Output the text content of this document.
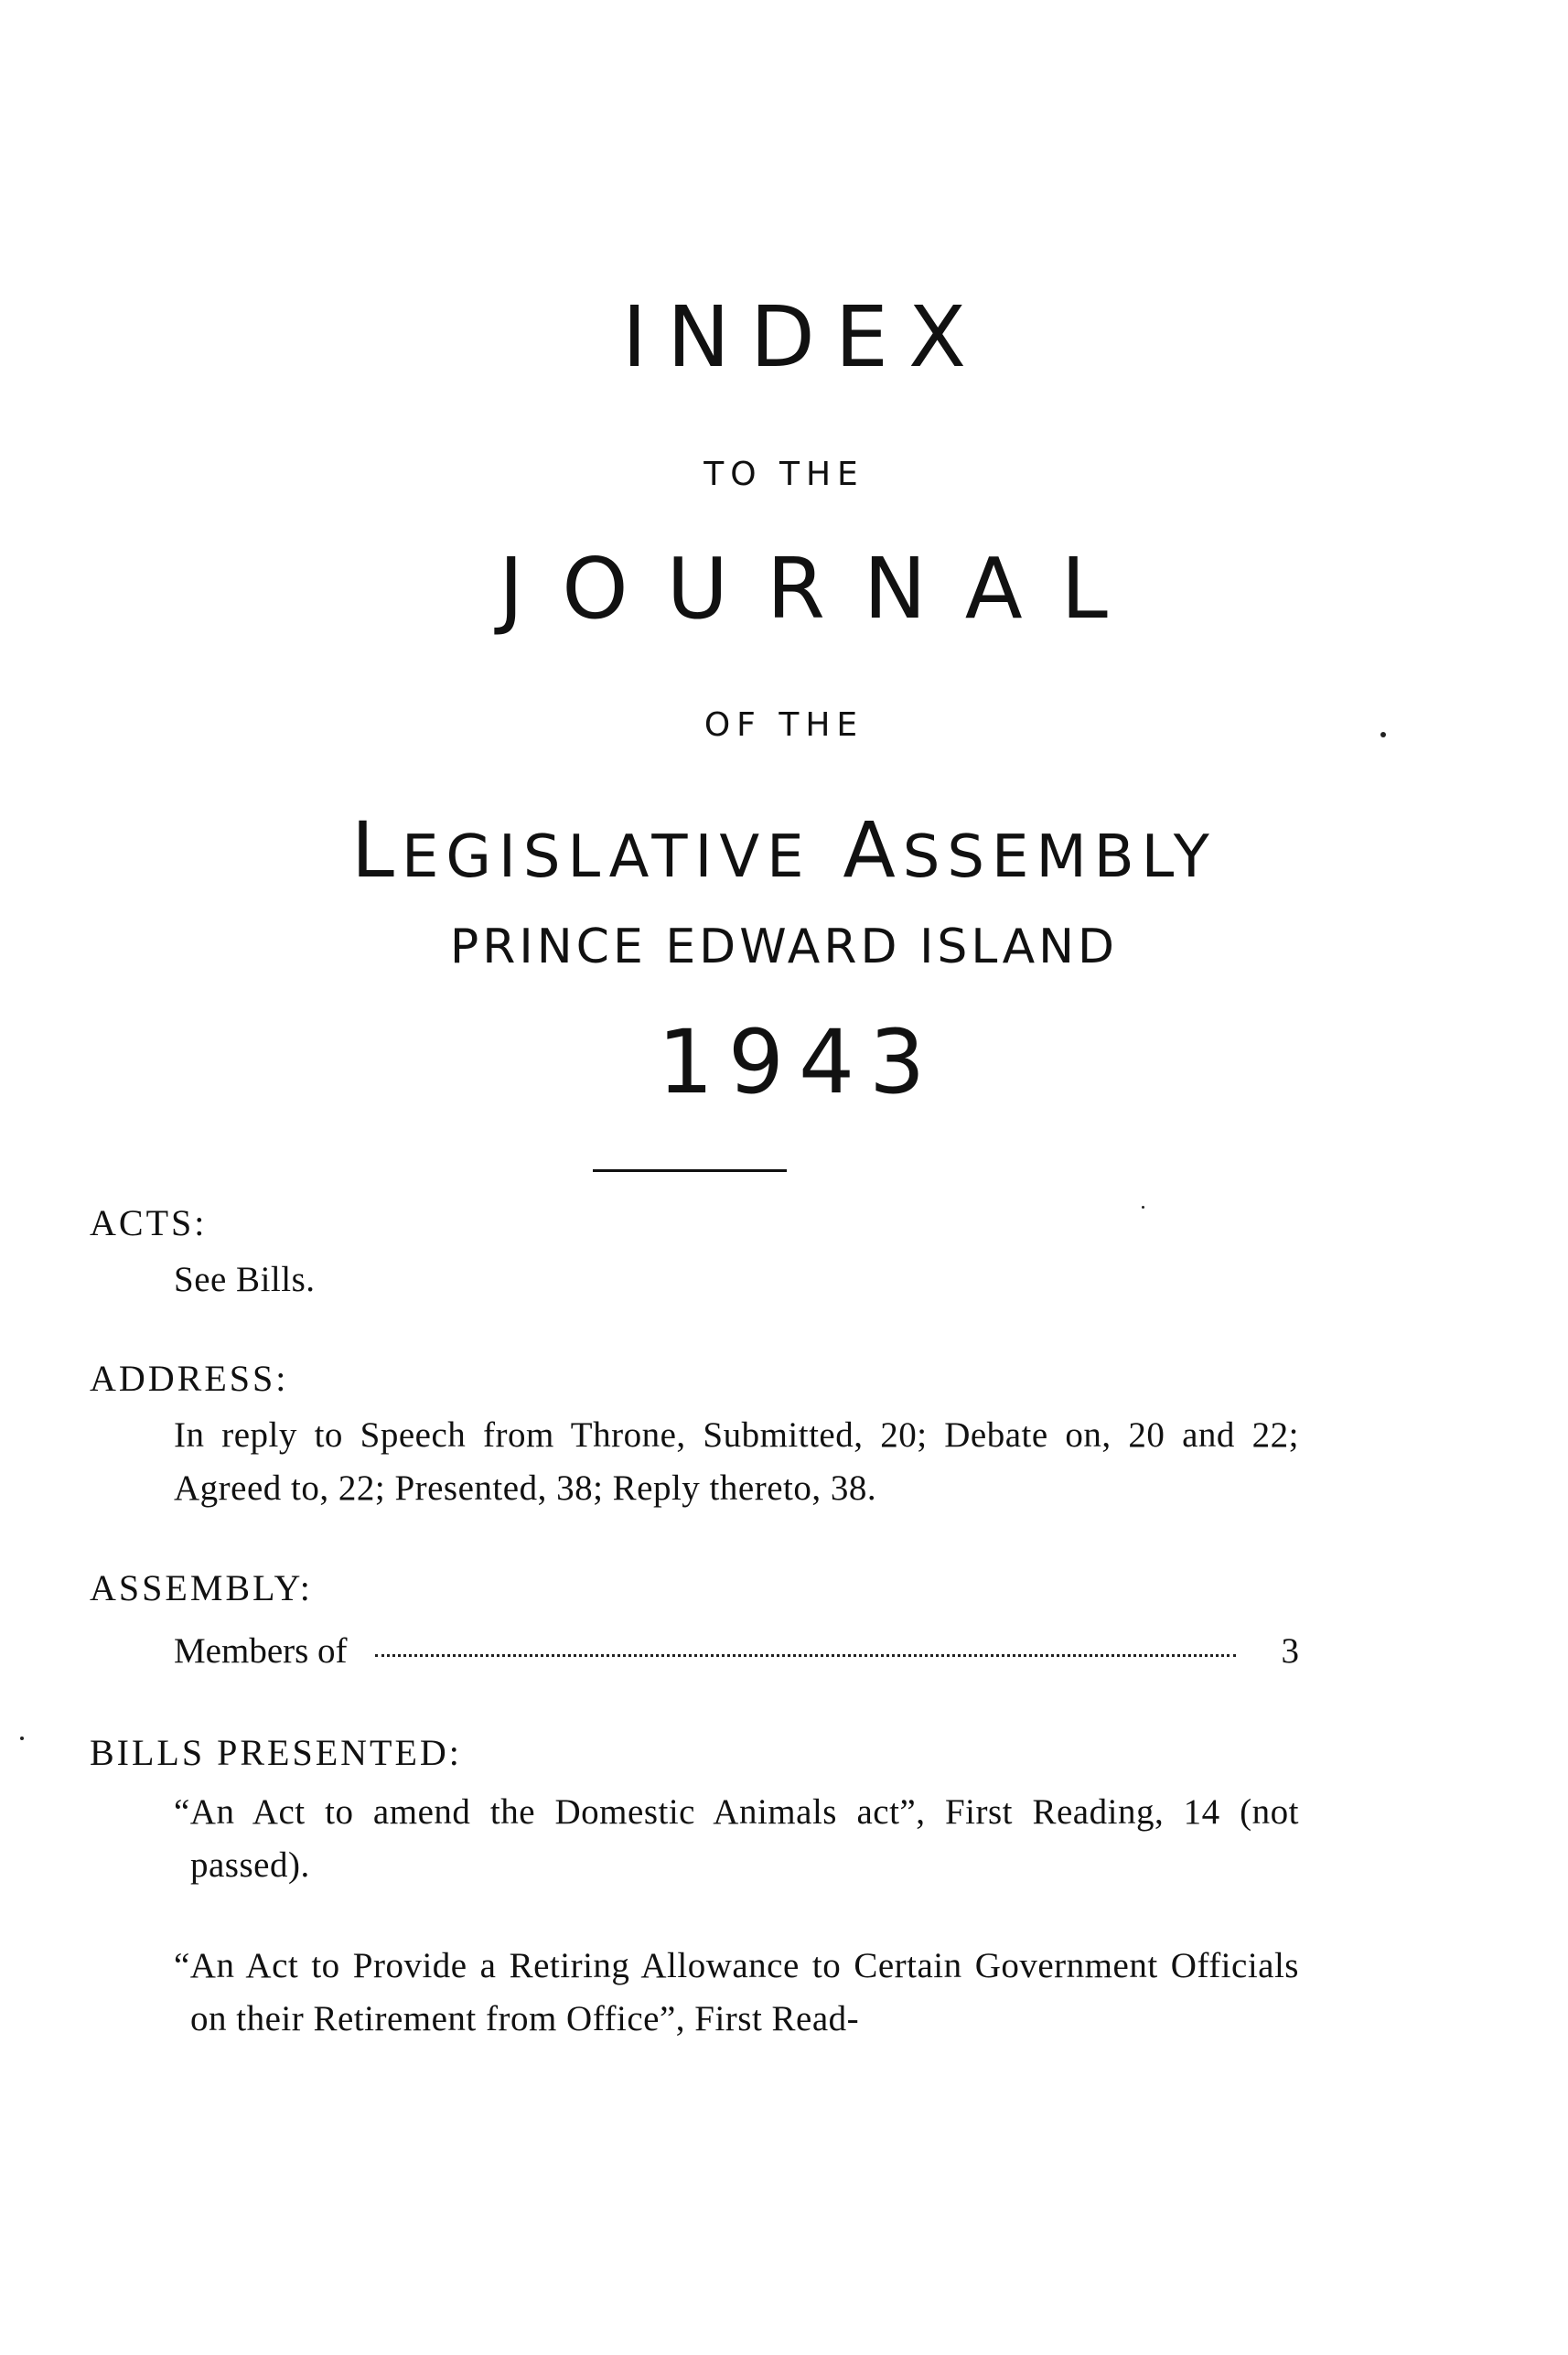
INDEX
TO THE
JOURNAL
OF THE
LEGISLATIVE ASSEMBLY
PRINCE EDWARD ISLAND
1943
ACTS:
See Bills.
ADDRESS:
In reply to Speech from Throne, Submitted, 20; Debate on, 20 and 22; Agreed to, 22; Presented, 38; Reply thereto, 38.
ASSEMBLY:
Members of	3
BILLS PRESENTED:
“An Act to amend the Domestic Animals act”, First Reading, 14 (not passed).
“An Act to Provide a Retiring Allowance to Certain Government Officials on their Retirement from Office”, First Read-
